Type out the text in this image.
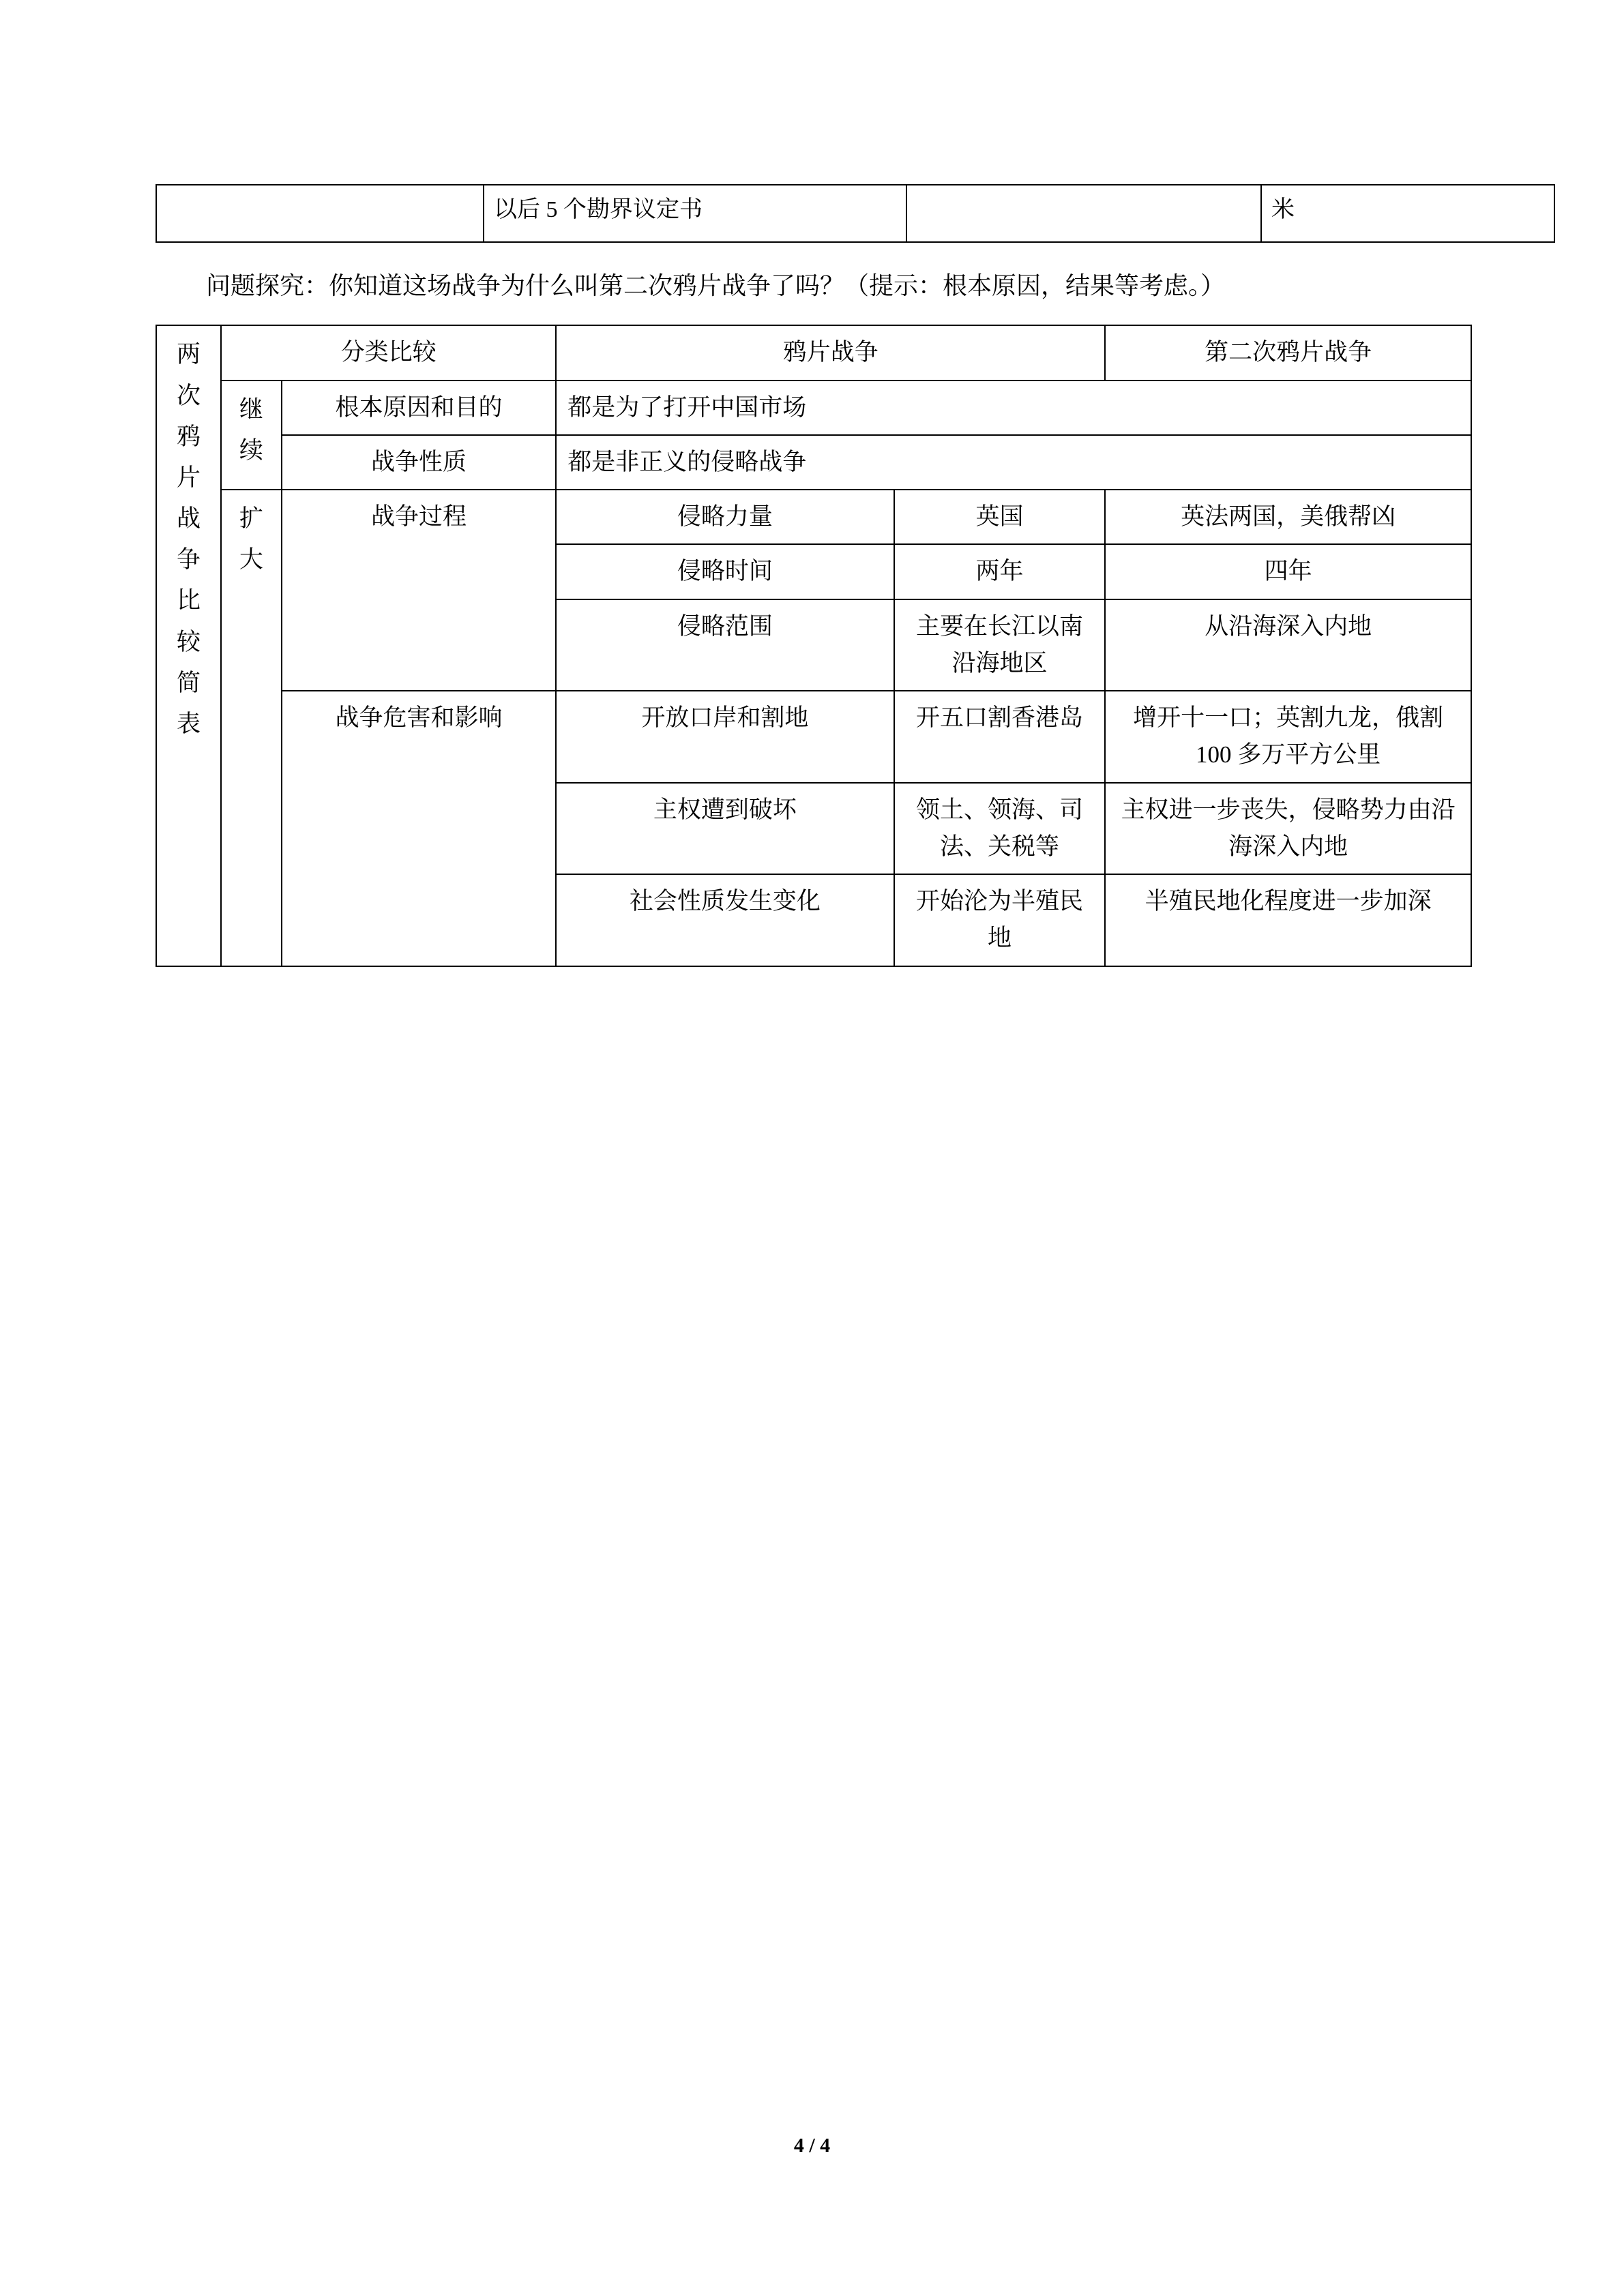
	以后 5 个勘界议定书		米

问题探究：你知道这场战争为什么叫第二次鸦片战争了吗？（提示：根本原因，结果等考虑。）

两次鸦片战争比较简表	分类比较		鸦片战争		第二次鸦片战争
	继续	根本原因和目的	都是为了打开中国市场		
		战争性质	都是非正义的侵略战争		
	扩大	战争过程	侵略力量	英国	英法两国，美俄帮凶
			侵略时间	两年	四年
			侵略范围	主要在长江以南沿海地区	从沿海深入内地
		战争危害和影响	开放口岸和割地	开五口割香港岛	增开十一口；英割九龙，俄割 100 多万平方公里
			主权遭到破坏	领土、领海、司法、关税等	主权进一步丧失，侵略势力由沿海深入内地
			社会性质发生变化	开始沦为半殖民地	半殖民地化程度进一步加深
4 / 4
